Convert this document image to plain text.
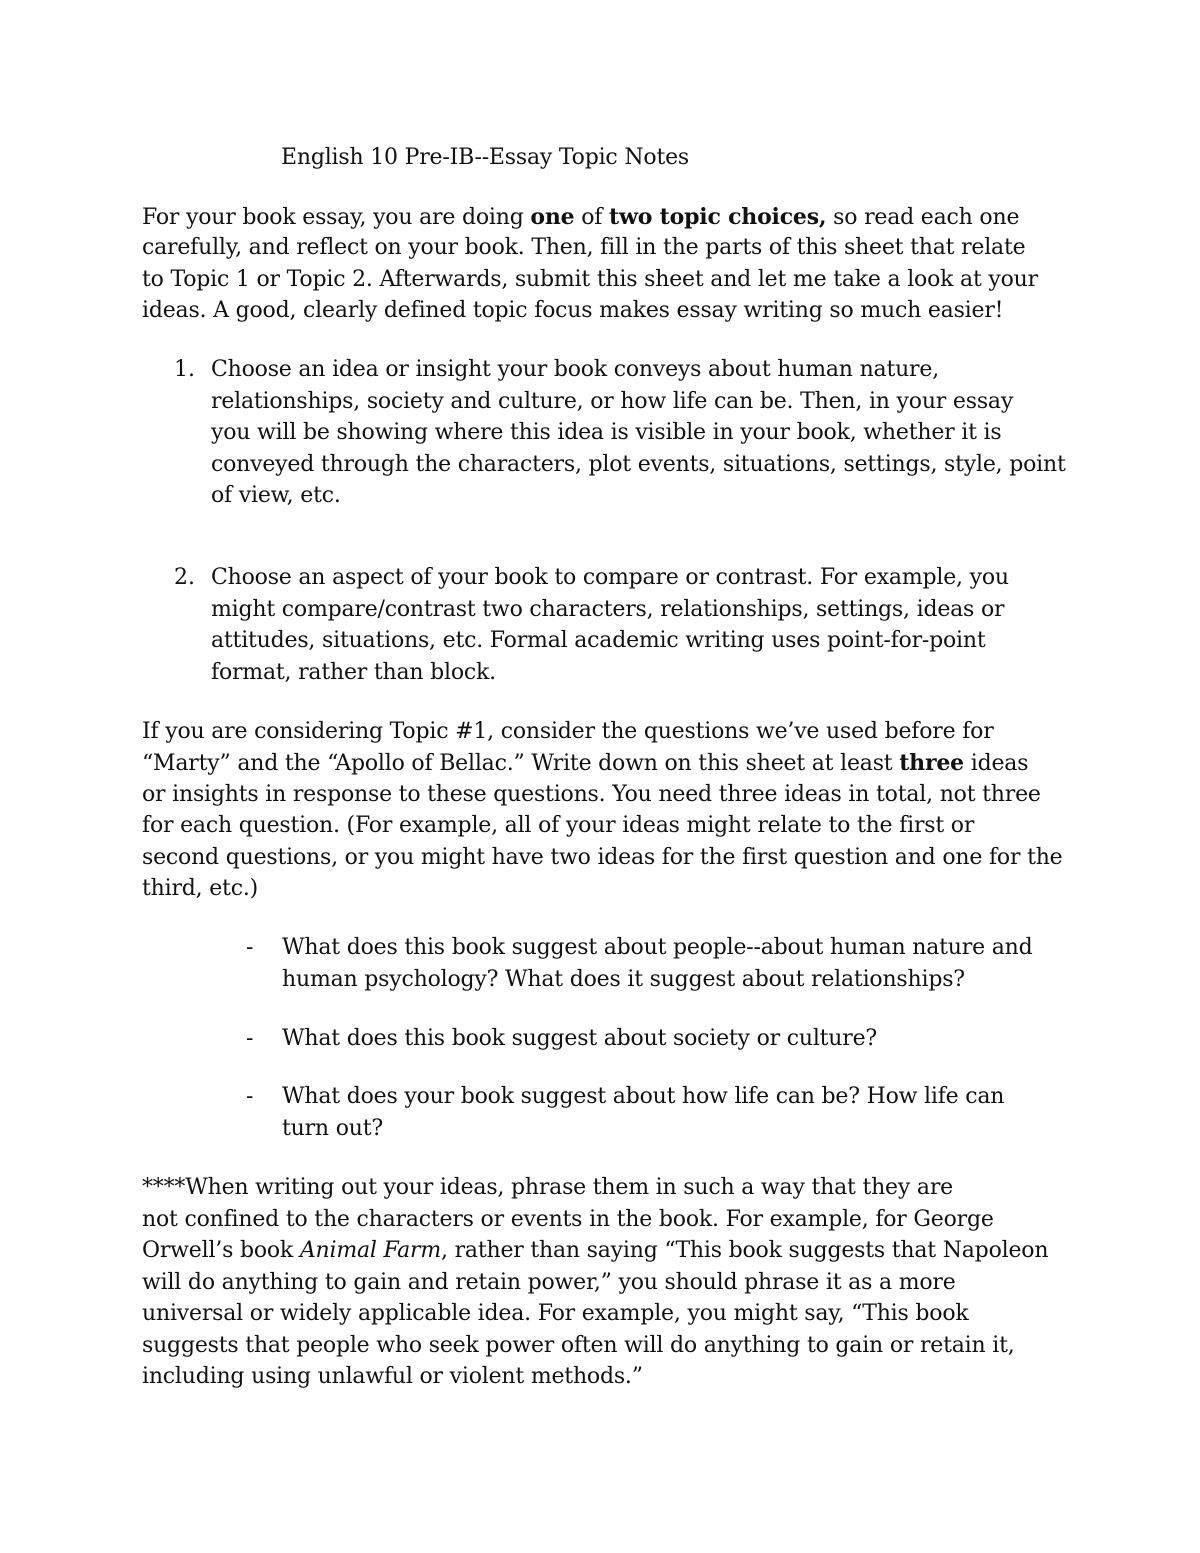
English 10 Pre-IB--Essay Topic Notes
For your book essay, you are doing one of two topic choices, so read each one
carefully, and reflect on your book. Then, fill in the parts of this sheet that relate
to Topic 1 or Topic 2. Afterwards, submit this sheet and let me take a look at your
ideas. A good, clearly defined topic focus makes essay writing so much easier!
1. Choose an idea or insight your book conveys about human nature,
relationships, society and culture, or how life can be. Then, in your essay
you will be showing where this idea is visible in your book, whether it is
conveyed through the characters, plot events, situations, settings, style, point
of view, etc.
2. Choose an aspect of your book to compare or contrast. For example, you
might compare/contrast two characters, relationships, settings, ideas or
attitudes, situations, etc. Formal academic writing uses point-for-point
format, rather than block.
If you are considering Topic #1, consider the questions we’ve used before for
“Marty” and the “Apollo of Bellac.” Write down on this sheet at least three ideas
or insights in response to these questions. You need three ideas in total, not three
for each question. (For example, all of your ideas might relate to the first or
second questions, or you might have two ideas for the first question and one for the
third, etc.)
- What does this book suggest about people--about human nature and
human psychology? What does it suggest about relationships?
- What does this book suggest about society or culture?
- What does your book suggest about how life can be? How life can
turn out?
****When writing out your ideas, phrase them in such a way that they are
not confined to the characters or events in the book. For example, for George
Orwell’s book Animal Farm, rather than saying “This book suggests that Napoleon
will do anything to gain and retain power,” you should phrase it as a more
universal or widely applicable idea. For example, you might say, “This book
suggests that people who seek power often will do anything to gain or retain it,
including using unlawful or violent methods.”
